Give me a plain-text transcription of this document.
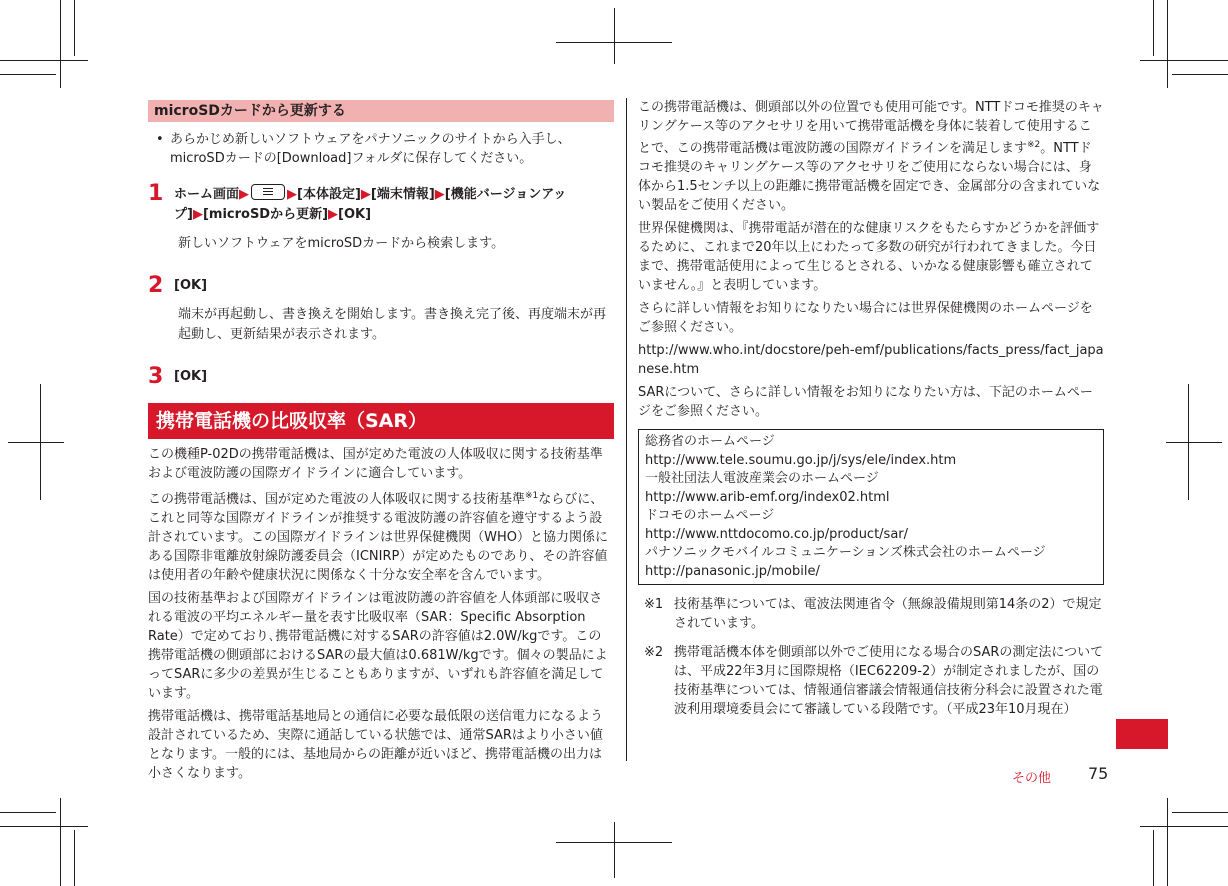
microSDカードから更新する
• あらかじめ新しいソフトウェアをパナソニックのサイトから入手し、microSDカードの[Download]フォルダに保存してください。
1 ホーム画面▶	▶[本体設定]▶[端末情報]▶[機能バージョンアップ]▶[microSDから更新]▶[OK]
新しいソフトウェアをmicroSDカードから検索します。
2 [OK]
端末が再起動し、書き換えを開始します。書き換え完了後、再度端末が再起動し、更新結果が表示されます。
3 [OK]
携帯電話機の比吸収率（SAR）
この機種P-02Dの携帯電話機は、国が定めた電波の人体吸収に関する技術基準および電波防護の国際ガイドラインに適合しています。
この携帯電話機は、国が定めた電波の人体吸収に関する技術基準$^{※1}$ならびに、これと同等な国際ガイドラインが推奨する電波防護の許容値を遵守するよう設計されています。この国際ガイドラインは世界保健機関（WHO）と協力関係にある国際非電離放射線防護委員会（ICNIRP）が定めたものであり、その許容値は使用者の年齢や健康状況に関係なく十分な安全率を含んでいます。
国の技術基準および国際ガイドラインは電波防護の許容値を人体頭部に吸収される電波の平均エネルギー量を表す比吸収率（SAR：Specific Absorption Rate）で定めており､携帯電話機に対するSARの許容値は2.0W/kgです。この携帯電話機の側頭部におけるSARの最大値は0.681W/kgです。個々の製品によってSARに多少の差異が生じることもありますが、いずれも許容値を満足しています。
携帯電話機は、携帯電話基地局との通信に必要な最低限の送信電力になるよう設計されているため、実際に通話している状態では、通常SARはより小さい値となります。一般的には、基地局からの距離が近いほど、携帯電話機の出力は小さくなります。
この携帯電話機は、側頭部以外の位置でも使用可能です。NTTドコモ推奨のキャリングケース等のアクセサリを用いて携帯電話機を身体に装着して使用することで、この携帯電話機は電波防護の国際ガイドラインを満足します$^{※2}$。NTTドコモ推奨のキャリングケース等のアクセサリをご使用にならない場合には、身体から1.5センチ以上の距離に携帯電話機を固定でき、金属部分の含まれていない製品をご使用ください。
世界保健機関は、『携帯電話が潜在的な健康リスクをもたらすかどうかを評価するために、これまで20年以上にわたって多数の研究が行われてきました。今日まで、携帯電話使用によって生じるとされる、いかなる健康影響も確立されていません。』と表明しています。
さらに詳しい情報をお知りになりたい場合には世界保健機関のホームページをご参照ください。
http://www.who.int/docstore/peh-emf/publications/facts_press/fact_japanese.htm
SARについて、さらに詳しい情報をお知りになりたい方は、下記のホームページをご参照ください。
総務省のホームページ
http://www.tele.soumu.go.jp/j/sys/ele/index.htm
一般社団法人電波産業会のホームページ
http://www.arib-emf.org/index02.html
ドコモのホームページ
http://www.nttdocomo.co.jp/product/sar/
パナソニックモバイルコミュニケーションズ株式会社のホームページ
http://panasonic.jp/mobile/
※1 技術基準については、電波法関連省令（無線設備規則第14条の2）で規定されています。
※2 携帯電話機本体を側頭部以外でご使用になる場合のSARの測定法については、平成22年3月に国際規格（IEC62209-2）が制定されましたが、国の技術基準については、情報通信審議会情報通信技術分科会に設置された電波利用環境委員会にて審議している段階です。（平成23年10月現在）
その他 75
